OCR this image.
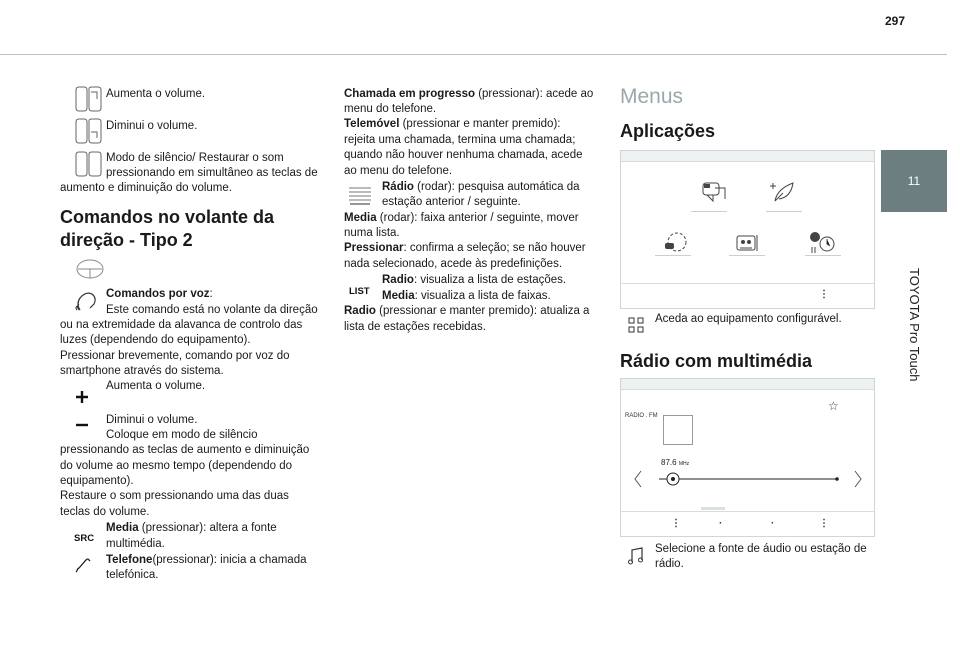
297
11
TOYOTA Pro Touch
Aumenta o volume.
Diminui o volume.
Modo de silêncio/ Restaurar o som
pressionando em simultâneo as teclas de
aumento e diminuição do volume.
Comandos no volante da
direção - Tipo 2
Comandos por voz:
Este comando está no volante da direção
ou na extremidade da alavanca de controlo das
luzes (dependendo do equipamento).
Pressionar brevemente, comando por voz do
smartphone através do sistema.
Aumenta o volume.
Diminui o volume.
Coloque em modo de silêncio
pressionando as teclas de aumento e diminuição
do volume ao mesmo tempo (dependendo do
equipamento).
Restaure o som pressionando uma das duas
teclas do volume.
SRC
Media (pressionar): altera a fonte
multimédia.
Telefone(pressionar): inicia a chamada
telefónica.
Chamada em progresso (pressionar): acede ao
menu do telefone.
Telemóvel (pressionar e manter premido):
rejeita uma chamada, termina uma chamada;
quando não houver nenhuma chamada, acede
ao menu do telefone.
Rádio (rodar): pesquisa automática da
estação anterior / seguinte.
Media (rodar): faixa anterior / seguinte, mover
numa lista.
Pressionar: confirma a seleção; se não houver
nada selecionado, acede às predefinições.
LIST
Radio: visualiza a lista de estações.
Media: visualiza a lista de faixas.
Radio (pressionar e manter premido): atualiza a
lista de estações recebidas.
Menus
Aplicações
⋮
Aceda ao equipamento configurável.
Rádio com multimédia
RADIO . FM
☆
87.6 MHz
⋮	·	·	⋮
Selecione a fonte de áudio ou estação de
rádio.
